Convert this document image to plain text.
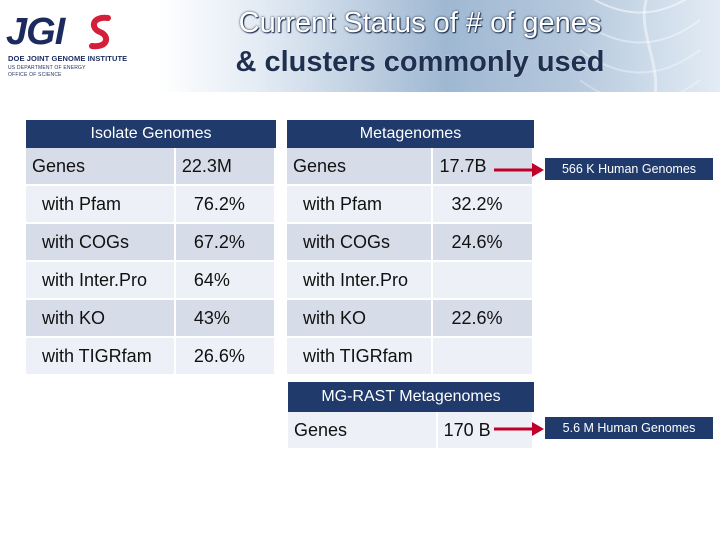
JGI
DOE JOINT GENOME INSTITUTE
US DEPARTMENT OF ENERGY
OFFICE OF SCIENCE
Current Status of # of genes
& clusters commonly used
Isolate Genomes	
Genes	22.3M
with Pfam	76.2%
with COGs	67.2%
with Inter.Pro	64%
with KO	43%
with TIGRfam	26.6%
Metagenomes	
Genes	17.7B
with Pfam	32.2%
with COGs	24.6%
with Inter.Pro	
with KO	22.6%
with TIGRfam	
MG-RAST Metagenomes
Genes	170 B
566 K Human Genomes
5.6 M Human Genomes
